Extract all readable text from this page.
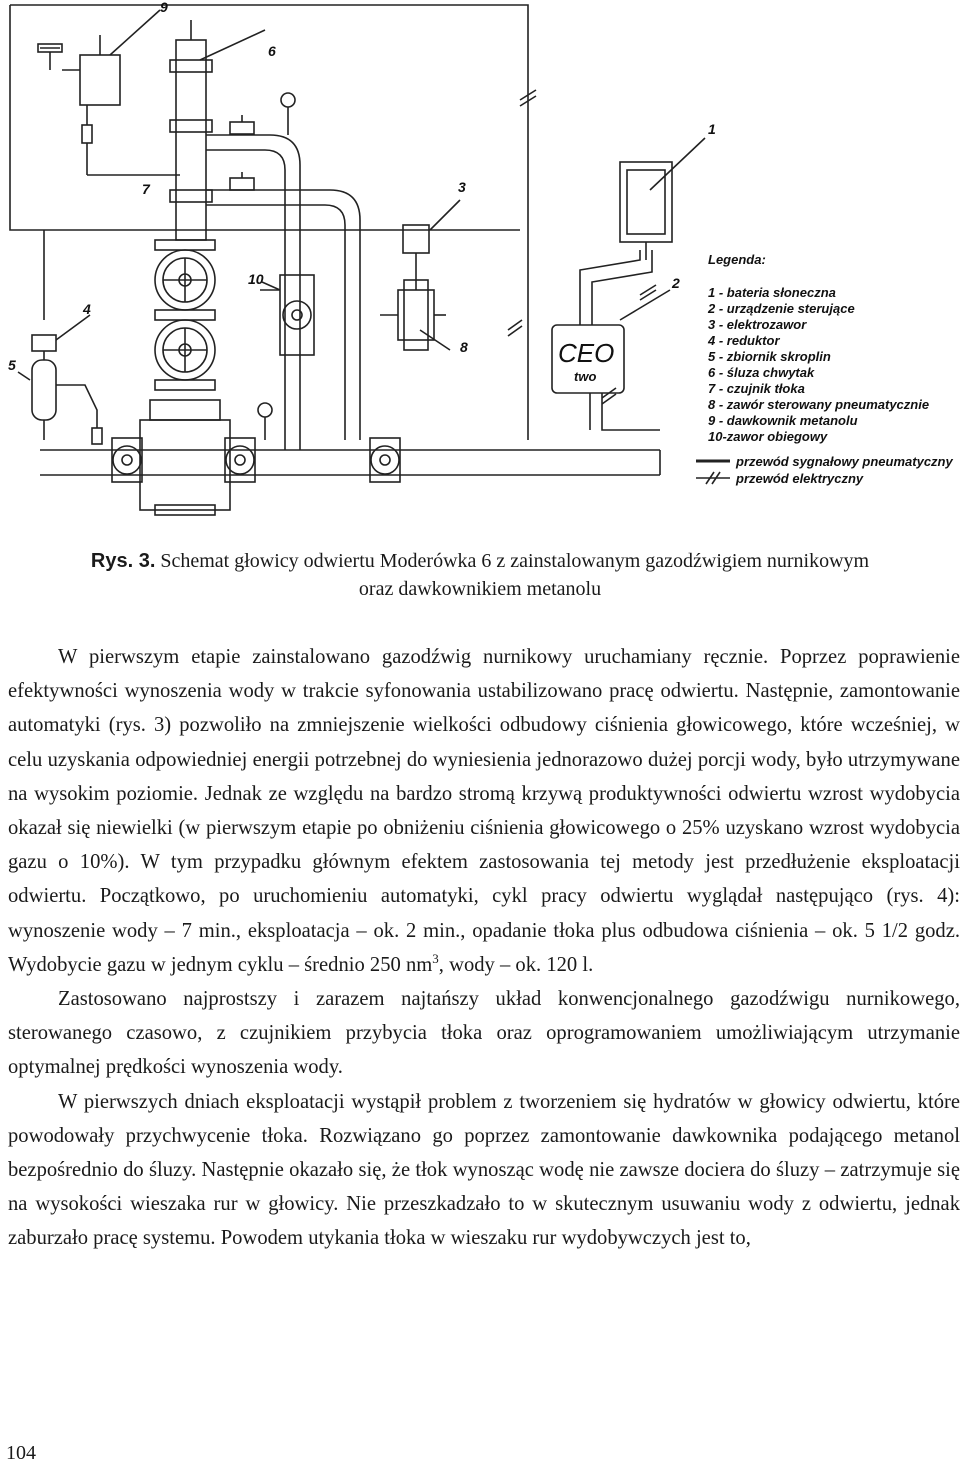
9
6
1
7	3
10	2
4
5
8	CEO
two
Legenda:
1 - bateria słoneczna
2 - urządzenie sterujące
3 - elektrozawor
4 - reduktor
5 - zbiornik skroplin
6 - śluza chwytak
7 - czujnik tłoka
8 - zawór sterowany pneumatycznie
9 - dawkownik metanolu
10-zawor obiegowy
przewód sygnałowy pneumatyczny
przewód elektryczny
Rys. 3. Schemat głowicy odwiertu Moderówka 6 z zainstalowanym gazodźwigiem nurnikowym
oraz dawkownikiem metanolu

W pierwszym etapie zainstalowano gazodźwig nurnikowy uruchamiany ręcznie. Poprzez poprawienie efektywności wynoszenia wody w trakcie syfonowania ustabilizowano pracę odwiertu. Następnie, zamontowanie automatyki (rys. 3) pozwoliło na zmniejszenie wielkości odbudowy ciśnienia głowicowego, które wcześniej, w celu uzyskania odpowiedniej energii potrzebnej do wyniesienia jednorazowo dużej porcji wody, było utrzymywane na wysokim poziomie. Jednak ze względu na bardzo stromą krzywą produktywności odwiertu wzrost wydobycia okazał się niewielki (w pierwszym etapie po obniżeniu ciśnienia głowicowego o 25% uzyskano wzrost wydobycia gazu o 10%). W tym przypadku głównym efektem zastosowania tej metody jest przedłużenie eksploatacji odwiertu. Początkowo, po uruchomieniu automatyki, cykl pracy odwiertu wyglądał następująco (rys. 4): wynoszenie wody – 7 min., eksploatacja – ok. 2 min., opadanie tłoka plus odbudowa ciśnienia – ok. 5 1/2 godz. Wydobycie gazu w jednym cyklu – średnio 250 $nm^3$, wody – ok. 120 l.

Zastosowano najprostszy i zarazem najtańszy układ konwencjonalnego gazodźwigu nurnikowego, sterowanego czasowo, z czujnikiem przybycia tłoka oraz oprogramowaniem umożliwiającym utrzymanie optymalnej prędkości wynoszenia wody.

W pierwszych dniach eksploatacji wystąpił problem z tworzeniem się hydratów w głowicy odwiertu, które powodowały przychwycenie tłoka. Rozwiązano go poprzez zamontowanie dawkownika podającego metanol bezpośrednio do śluzy. Następnie okazało się, że tłok wynosząc wodę nie zawsze dociera do śluzy – zatrzymuje się na wysokości wieszaka rur w głowicy. Nie przeszkadzało to w skutecznym usuwaniu wody z odwiertu, jednak zaburzało pracę systemu. Powodem utykania tłoka w wieszaku rur wydobywczych jest to,

104
